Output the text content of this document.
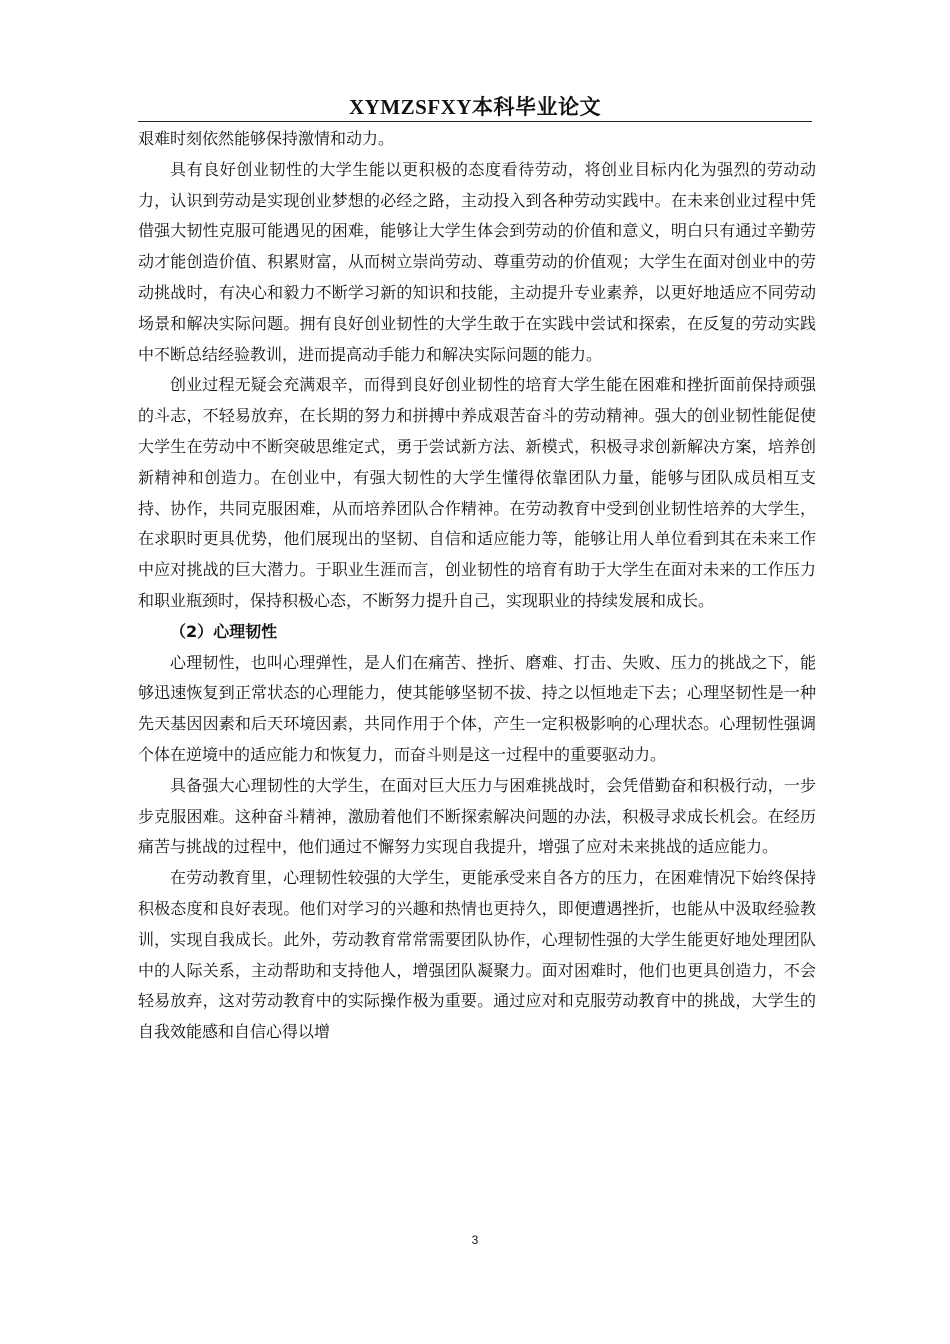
XYMZSFXY本科毕业论文

艰难时刻依然能够保持激情和动力。

具有良好创业韧性的大学生能以更积极的态度看待劳动，将创业目标内化为强烈的劳动动力，认识到劳动是实现创业梦想的必经之路，主动投入到各种劳动实践中。在未来创业过程中凭借强大韧性克服可能遇见的困难，能够让大学生体会到劳动的价值和意义，明白只有通过辛勤劳动才能创造价值、积累财富，从而树立崇尚劳动、尊重劳动的价值观；大学生在面对创业中的劳动挑战时，有决心和毅力不断学习新的知识和技能，主动提升专业素养，以更好地适应不同劳动场景和解决实际问题。拥有良好创业韧性的大学生敢于在实践中尝试和探索，在反复的劳动实践中不断总结经验教训，进而提高动手能力和解决实际问题的能力。

创业过程无疑会充满艰辛，而得到良好创业韧性的培育大学生能在困难和挫折面前保持顽强的斗志，不轻易放弃，在长期的努力和拼搏中养成艰苦奋斗的劳动精神。强大的创业韧性能促使大学生在劳动中不断突破思维定式，勇于尝试新方法、新模式，积极寻求创新解决方案，培养创新精神和创造力。在创业中，有强大韧性的大学生懂得依靠团队力量，能够与团队成员相互支持、协作，共同克服困难，从而培养团队合作精神。在劳动教育中受到创业韧性培养的大学生，在求职时更具优势，他们展现出的坚韧、自信和适应能力等，能够让用人单位看到其在未来工作中应对挑战的巨大潜力。于职业生涯而言，创业韧性的培育有助于大学生在面对未来的工作压力和职业瓶颈时，保持积极心态，不断努力提升自己，实现职业的持续发展和成长。

（2）心理韧性

心理韧性，也叫心理弹性，是人们在痛苦、挫折、磨难、打击、失败、压力的挑战之下，能够迅速恢复到正常状态的心理能力，使其能够坚韧不拔、持之以恒地走下去；心理坚韧性是一种先天基因因素和后天环境因素，共同作用于个体，产生一定积极影响的心理状态。心理韧性强调个体在逆境中的适应能力和恢复力，而奋斗则是这一过程中的重要驱动力。

具备强大心理韧性的大学生，在面对巨大压力与困难挑战时，会凭借勤奋和积极行动，一步步克服困难。这种奋斗精神，激励着他们不断探索解决问题的办法，积极寻求成长机会。在经历痛苦与挑战的过程中，他们通过不懈努力实现自我提升，增强了应对未来挑战的适应能力。

在劳动教育里，心理韧性较强的大学生，更能承受来自各方的压力，在困难情况下始终保持积极态度和良好表现。他们对学习的兴趣和热情也更持久，即便遭遇挫折，也能从中汲取经验教训，实现自我成长。此外，劳动教育常常需要团队协作，心理韧性强的大学生能更好地处理团队中的人际关系，主动帮助和支持他人，增强团队凝聚力。面对困难时，他们也更具创造力，不会轻易放弃，这对劳动教育中的实际操作极为重要。通过应对和克服劳动教育中的挑战，大学生的自我效能感和自信心得以增

3
